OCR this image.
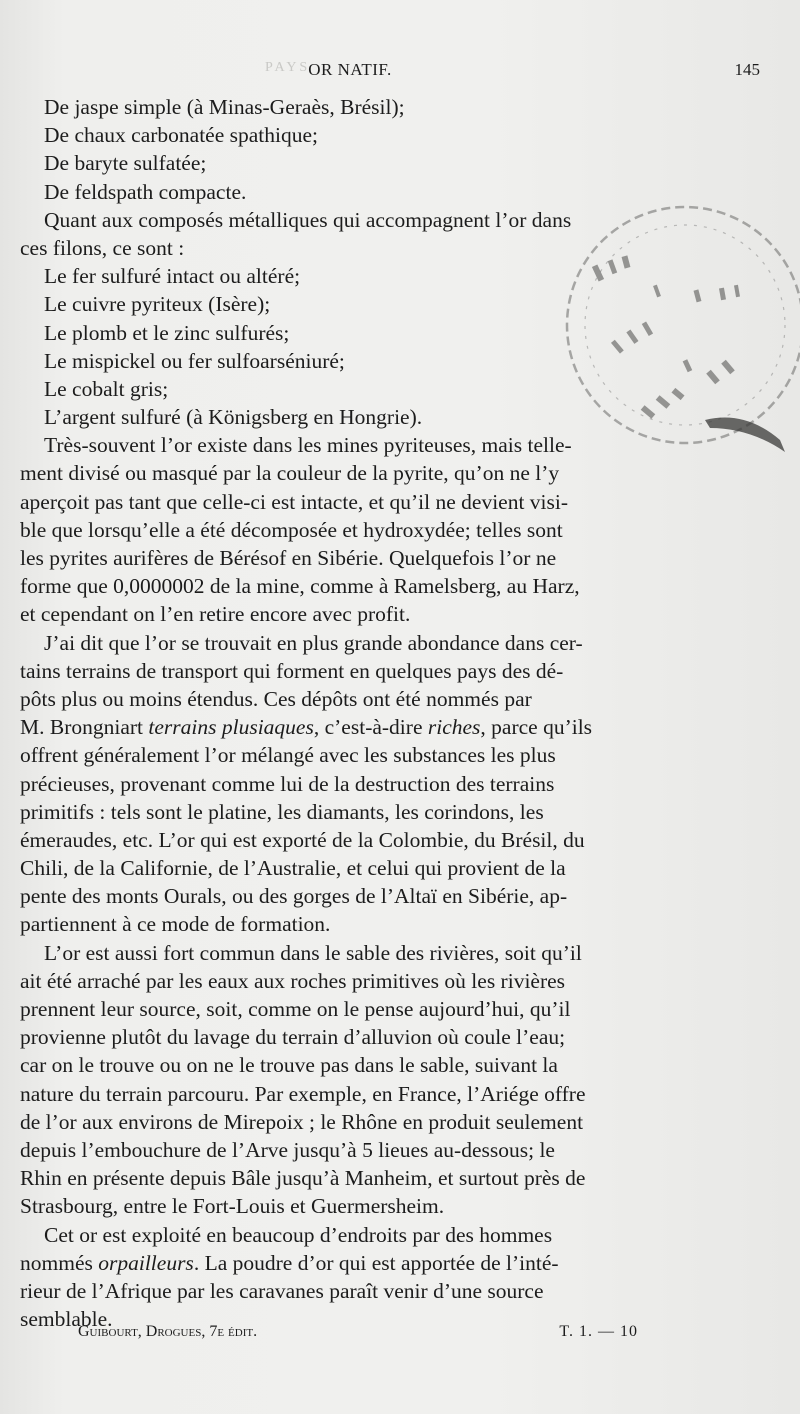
PAYS
OR NATIF.	145
De jaspe simple (à Minas-Geraès, Brésil);
De chaux carbonatée spathique;
De baryte sulfatée;
De feldspath compacte.
Quant aux composés métalliques qui accompagnent l’or dans
ces filons, ce sont :
Le fer sulfuré intact ou altéré;
Le cuivre pyriteux (Isère);
Le plomb et le zinc sulfurés;
Le mispickel ou fer sulfoarséniuré;
Le cobalt gris;
L’argent sulfuré (à Königsberg en Hongrie).
Très-souvent l’or existe dans les mines pyriteuses, mais telle-
ment divisé ou masqué par la couleur de la pyrite, qu’on ne l’y
aperçoit pas tant que celle-ci est intacte, et qu’il ne devient visi-
ble que lorsqu’elle a été décomposée et hydroxydée; telles sont
les pyrites aurifères de Bérésof en Sibérie. Quelquefois l’or ne
forme que 0,0000002 de la mine, comme à Ramelsberg, au Harz,
et cependant on l’en retire encore avec profit.
J’ai dit que l’or se trouvait en plus grande abondance dans cer-
tains terrains de transport qui forment en quelques pays des dé-
pôts plus ou moins étendus. Ces dépôts ont été nommés par
M. Brongniart terrains plusiaques, c’est-à-dire riches, parce qu’ils
offrent généralement l’or mélangé avec les substances les plus
précieuses, provenant comme lui de la destruction des terrains
primitifs : tels sont le platine, les diamants, les corindons, les
émeraudes, etc. L’or qui est exporté de la Colombie, du Brésil, du
Chili, de la Californie, de l’Australie, et celui qui provient de la
pente des monts Ourals, ou des gorges de l’Altaï en Sibérie, ap-
partiennent à ce mode de formation.
L’or est aussi fort commun dans le sable des rivières, soit qu’il
ait été arraché par les eaux aux roches primitives où les rivières
prennent leur source, soit, comme on le pense aujourd’hui, qu’il
provienne plutôt du lavage du terrain d’alluvion où coule l’eau;
car on le trouve ou on ne le trouve pas dans le sable, suivant la
nature du terrain parcouru. Par exemple, en France, l’Ariége offre
de l’or aux environs de Mirepoix ; le Rhône en produit seulement
depuis l’embouchure de l’Arve jusqu’à 5 lieues au-dessous; le
Rhin en présente depuis Bâle jusqu’à Manheim, et surtout près de
Strasbourg, entre le Fort-Louis et Guermersheim.
Cet or est exploité en beaucoup d’endroits par des hommes
nommés orpailleurs. La poudre d’or qui est apportée de l’inté-
rieur de l’Afrique par les caravanes paraît venir d’une source
semblable.
Guibourt, Drogues, 7e édit.	T. 1. — 10
